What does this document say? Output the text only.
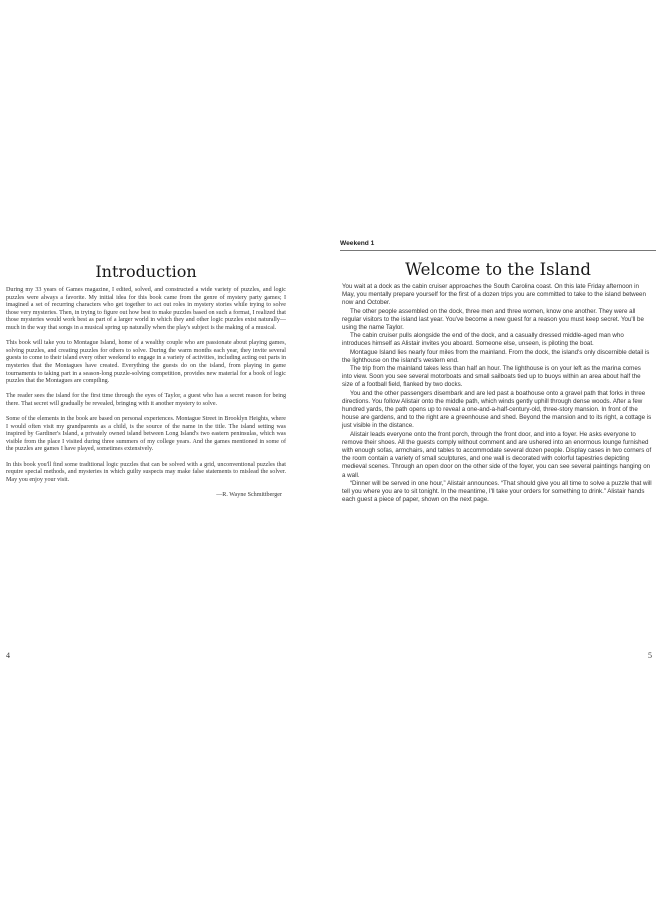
Introduction

During my 33 years of Games magazine, I edited, solved, and constructed a wide variety of puzzles, and logic puzzles were always a favorite. My initial idea for this book came from the genre of mystery party games; I imagined a set of recurring characters who get together to act out roles in mystery stories while trying to solve those very mysteries. Then, in trying to figure out how best to make puzzles based on such a format, I realized that those mysteries would work best as part of a larger world in which they and other logic puzzles exist naturally—much in the way that songs in a musical spring up naturally when the play's subject is the making of a musical.

This book will take you to Montague Island, home of a wealthy couple who are passionate about playing games, solving puzzles, and creating puzzles for others to solve. During the warm months each year, they invite several guests to come to their island every other weekend to engage in a variety of activities, including acting out parts in mysteries that the Montagues have created. Everything the guests do on the island, from playing in game tournaments to taking part in a season-long puzzle-solving competition, provides new material for a book of logic puzzles that the Montagues are compiling.

The reader sees the island for the first time through the eyes of Taylor, a guest who has a secret reason for being there. That secret will gradually be revealed, bringing with it another mystery to solve.

Some of the elements in the book are based on personal experiences. Montague Street in Brooklyn Heights, where I would often visit my grandparents as a child, is the source of the name in the title. The island setting was inspired by Gardiner's Island, a privately owned island between Long Island's two eastern peninsulas, which was visible from the place I visited during three summers of my college years. And the games mentioned in some of the puzzles are games I have played, sometimes extensively.

In this book you'll find some traditional logic puzzles that can be solved with a grid, unconventional puzzles that require special methods, and mysteries in which guilty suspects may make false statements to mislead the solver. May you enjoy your visit.

—R. Wayne Schmittberger
4
Weekend 1
Welcome to the Island

You wait at a dock as the cabin cruiser approaches the South Carolina coast. On this late Friday afternoon in May, you mentally prepare yourself for the first of a dozen trips you are committed to take to the island between now and October.

The other people assembled on the dock, three men and three women, know one another. They were all regular visitors to the island last year. You've become a new guest for a reason you must keep secret. You'll be using the name Taylor.

The cabin cruiser pulls alongside the end of the dock, and a casually dressed middle-aged man who introduces himself as Alistair invites you aboard. Someone else, unseen, is piloting the boat.

Montague Island lies nearly four miles from the mainland. From the dock, the island's only discernible detail is the lighthouse on the island's western end.

The trip from the mainland takes less than half an hour. The lighthouse is on your left as the marina comes into view. Soon you see several motorboats and small sailboats tied up to buoys within an area about half the size of a football field, flanked by two docks.

You and the other passengers disembark and are led past a boathouse onto a gravel path that forks in three directions. You follow Alistair onto the middle path, which winds gently uphill through dense woods. After a few hundred yards, the path opens up to reveal a one-and-a-half-century-old, three-story mansion. In front of the house are gardens, and to the right are a greenhouse and shed. Beyond the mansion and to its right, a cottage is just visible in the distance.

Alistair leads everyone onto the front porch, through the front door, and into a foyer. He asks everyone to remove their shoes. All the guests comply without comment and are ushered into an enormous lounge furnished with enough sofas, armchairs, and tables to accommodate several dozen people. Display cases in two corners of the room contain a variety of small sculptures, and one wall is decorated with colorful tapestries depicting medieval scenes. Through an open door on the other side of the foyer, you can see several paintings hanging on a wall.

“Dinner will be served in one hour,” Alistair announces. “That should give you all time to solve a puzzle that will tell you where you are to sit tonight. In the meantime, I'll take your orders for something to drink.” Alistair hands each guest a piece of paper, shown on the next page.

5
